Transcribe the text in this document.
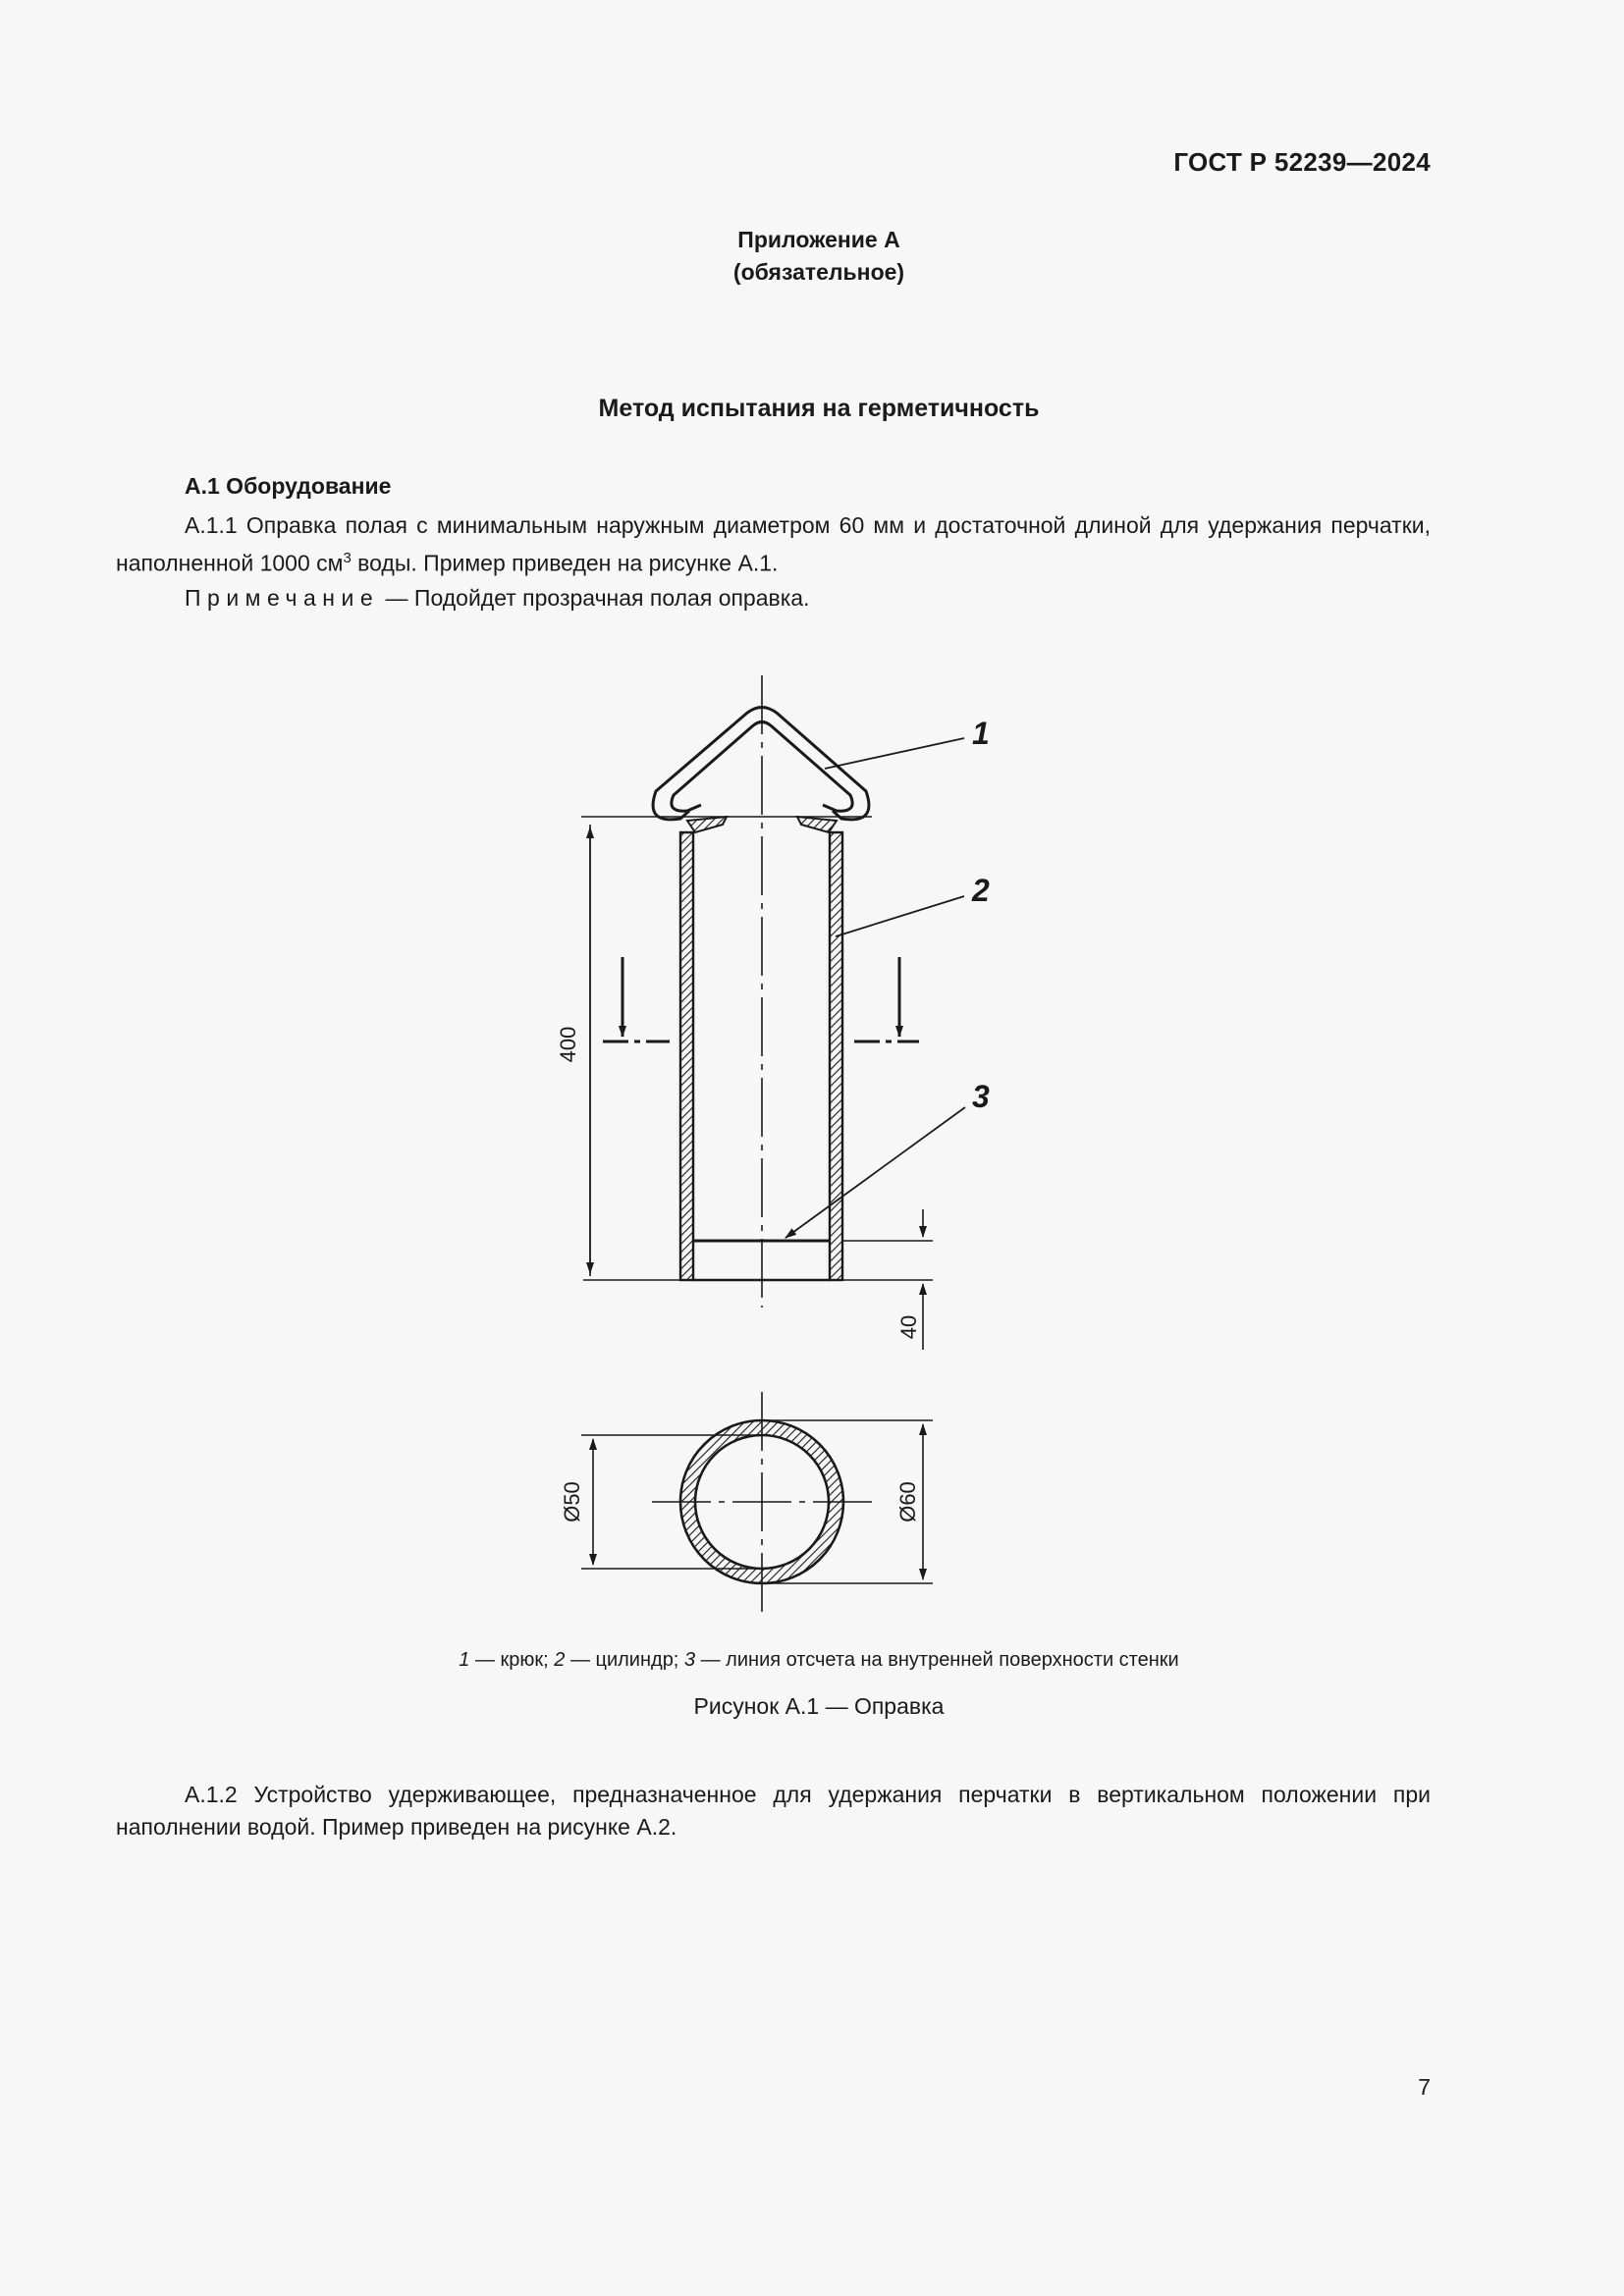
ГОСТ Р 52239—2024
Приложение А
(обязательное)
Метод испытания на герметичность
А.1 Оборудование
А.1.1 Оправка полая с минимальным наружным диаметром 60 мм и достаточной длиной для удержания перчатки, наполненной 1000 $см^3$ воды. Пример приведен на рисунке А.1.
Примечание — Подойдет прозрачная полая оправка.
400
40
1
2
3
Ø50	Ø60
1 — крюк; 2 — цилиндр; 3 — линия отсчета на внутренней поверхности стенки
Рисунок А.1 — Оправка
А.1.2 Устройство удерживающее, предназначенное для удержания перчатки в вертикальном положении при наполнении водой. Пример приведен на рисунке А.2.
7
